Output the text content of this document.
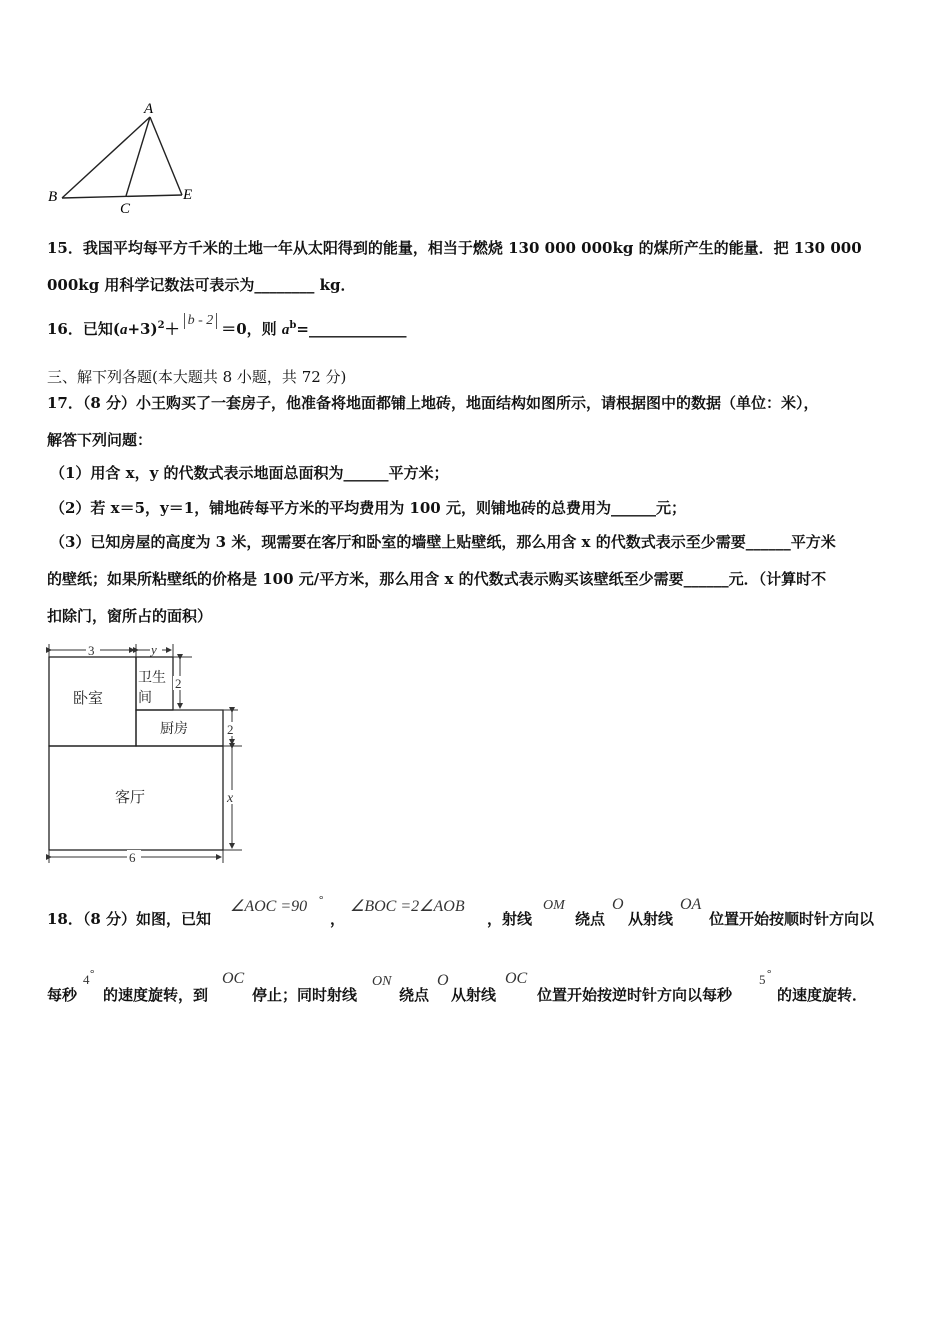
A
B
C
E
15．我国平均每平方千米的土地一年从太阳得到的能量，相当于燃烧 130 000 000kg 的煤所产生的能量．把 130 000
000kg 用科学记数法可表示为________ kg．
16．已知$(a+3)^2+ b - 2 =0$，则 $a^b=\_\_\_\_\_\_\_\_\_\_\_\_\_$
三、解下列各题(本大题共 8 小题，共 72 分)
17．（8 分）小王购买了一套房子，他准备将地面都铺上地砖，地面结构如图所示，请根据图中的数据（单位：米），
解答下列问题：
（1）用含 x，y 的代数式表示地面总面积为______平方米；
（2）若 x＝5，y＝1，铺地砖每平方米的平均费用为 100 元，则铺地砖的总费用为______元；
（3）已知房屋的高度为 3 米，现需要在客厅和卧室的墙壁上贴壁纸，那么用含 x 的代数式表示至少需要______平方米
的壁纸；如果所粘壁纸的价格是 100 元/平方米，那么用含 x 的代数式表示购买该壁纸至少需要______元．（计算时不
扣除门，窗所占的面积）
卧室
卫生
间
厨房
客厅
3	y
2
2
x
6
18．（8 分）如图，已知
∠AOC =90 °
，
∠BOC =2∠AOB
，射线
OM
绕点
O
从射线
OA
位置开始按顺时针方向以
每秒
4 °
的速度旋转，到
OC
停止；同时射线
ON
绕点
O
从射线
OC
位置开始按逆时针方向以每秒
5 °
的速度旋转．
